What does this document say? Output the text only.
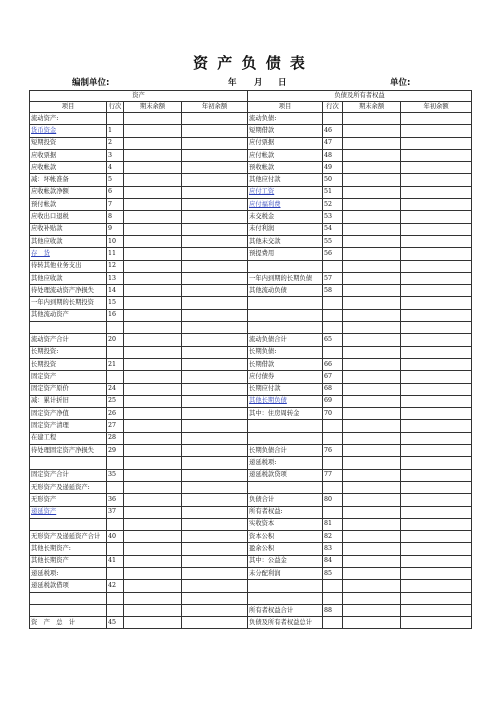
资 产 负 债 表
编制单位:	年 月 日	单位:
资产				负债及所有者权益			
项目	行次	期末余额	年初余额	项目	行次	期末余额	年初余额
流动资产:				流动负债:			
货币资金	1			短期借款	46		
短期投资	2			应付票据	47		
应收票据	3			应付帐款	48		
应收帐款	4			预收帐款	49		
减：坏帐准备	5			其他应付款	50		
应收帐款净额	6			应付工资	51		
预付帐款	7			应付福利费	52		
应收出口退税	8			未交税金	53		
应收补贴款	9			未付利润	54		
其他应收款	10			其他未交款	55		
存　货	11			预提费用	56		
待转其他业务支出	12						
其他应收款	13			一年内到期的长期负债	57		
待处理流动资产净损失	14			其他流动负债	58		
一年内到期的长期投资	15						
其他流动资产	16						

流动资产合计	20			流动负债合计	65		
长期投资:				长期负债:			
长期投资	21			长期借款	66		
固定资产				应付债券	67		
固定资产原价	24			长期应付款	68		
减：累计折旧	25			其他长期负债	69		
固定资产净值	26			其中：住房周转金	70		
固定资产清理	27						
在建工程	28						
待处理固定资产净损失	29			长期负债合计	76		
				递延税项:			
固定资产合计	35			递延税款贷项	77		
无形资产及递延资产:							
无形资产	36			负债合计	80		
递延资产	37			所有者权益:			
				实收资本	81		
无形资产及递延资产合计	40			资本公积	82		
其他长期资产:				盈余公积	83		
其他长期资产	41			其中：公益金	84		
递延税项:				未分配利润	85		
递延税款借项	42						

				所有者权益合计	88		
资　产　总　计	45			负债及所有者权益总计			
